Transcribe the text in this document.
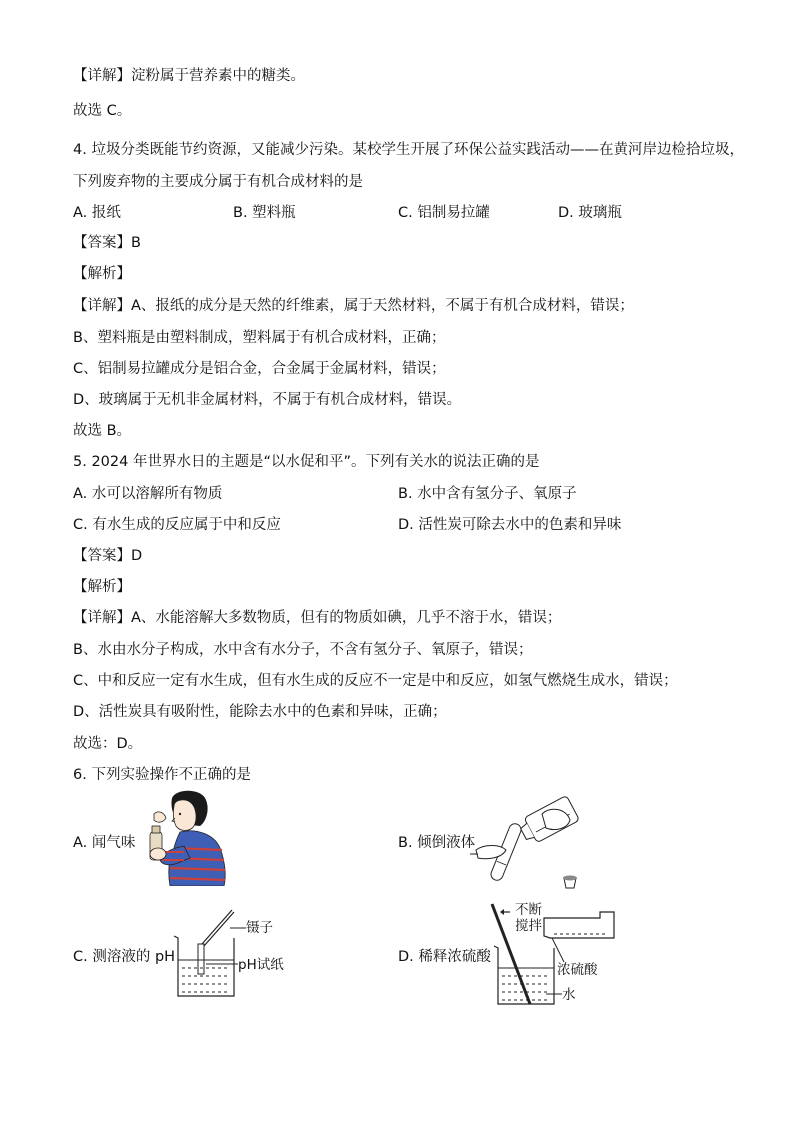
【详解】淀粉属于营养素中的糖类。
故选 C。
4. 垃圾分类既能节约资源，又能减少污染。某校学生开展了环保公益实践活动——在黄河岸边检拾垃圾，
下列废弃物的主要成分属于有机合成材料的是
A. 报纸	B. 塑料瓶	C. 铝制易拉罐	D. 玻璃瓶
【答案】B
【解析】
【详解】A、报纸的成分是天然的纤维素，属于天然材料，不属于有机合成材料，错误；
B、塑料瓶是由塑料制成，塑料属于有机合成材料，正确；
C、铝制易拉罐成分是铝合金，合金属于金属材料，错误；
D、玻璃属于无机非金属材料，不属于有机合成材料，错误。
故选 B。
5. 2024 年世界水日的主题是“以水促和平”。下列有关水的说法正确的是
A. 水可以溶解所有物质	B. 水中含有氢分子、氧原子
C. 有水生成的反应属于中和反应	D. 活性炭可除去水中的色素和异味
【答案】D
【解析】
【详解】A、水能溶解大多数物质，但有的物质如碘，几乎不溶于水，错误；
B、水由水分子构成，水中含有水分子，不含有氢分子、氧原子，错误；
C、中和反应一定有水生成，但有水生成的反应不一定是中和反应，如氢气燃烧生成水，错误；
D、活性炭具有吸附性，能除去水中的色素和异味，正确；
故选：D。
6. 下列实验操作不正确的是
A. 闻气味	B. 倾倒液体
C. 测溶液的 pH	D. 稀释浓硫酸
镊子
pH试纸
不断
搅拌
浓硫酸
水
